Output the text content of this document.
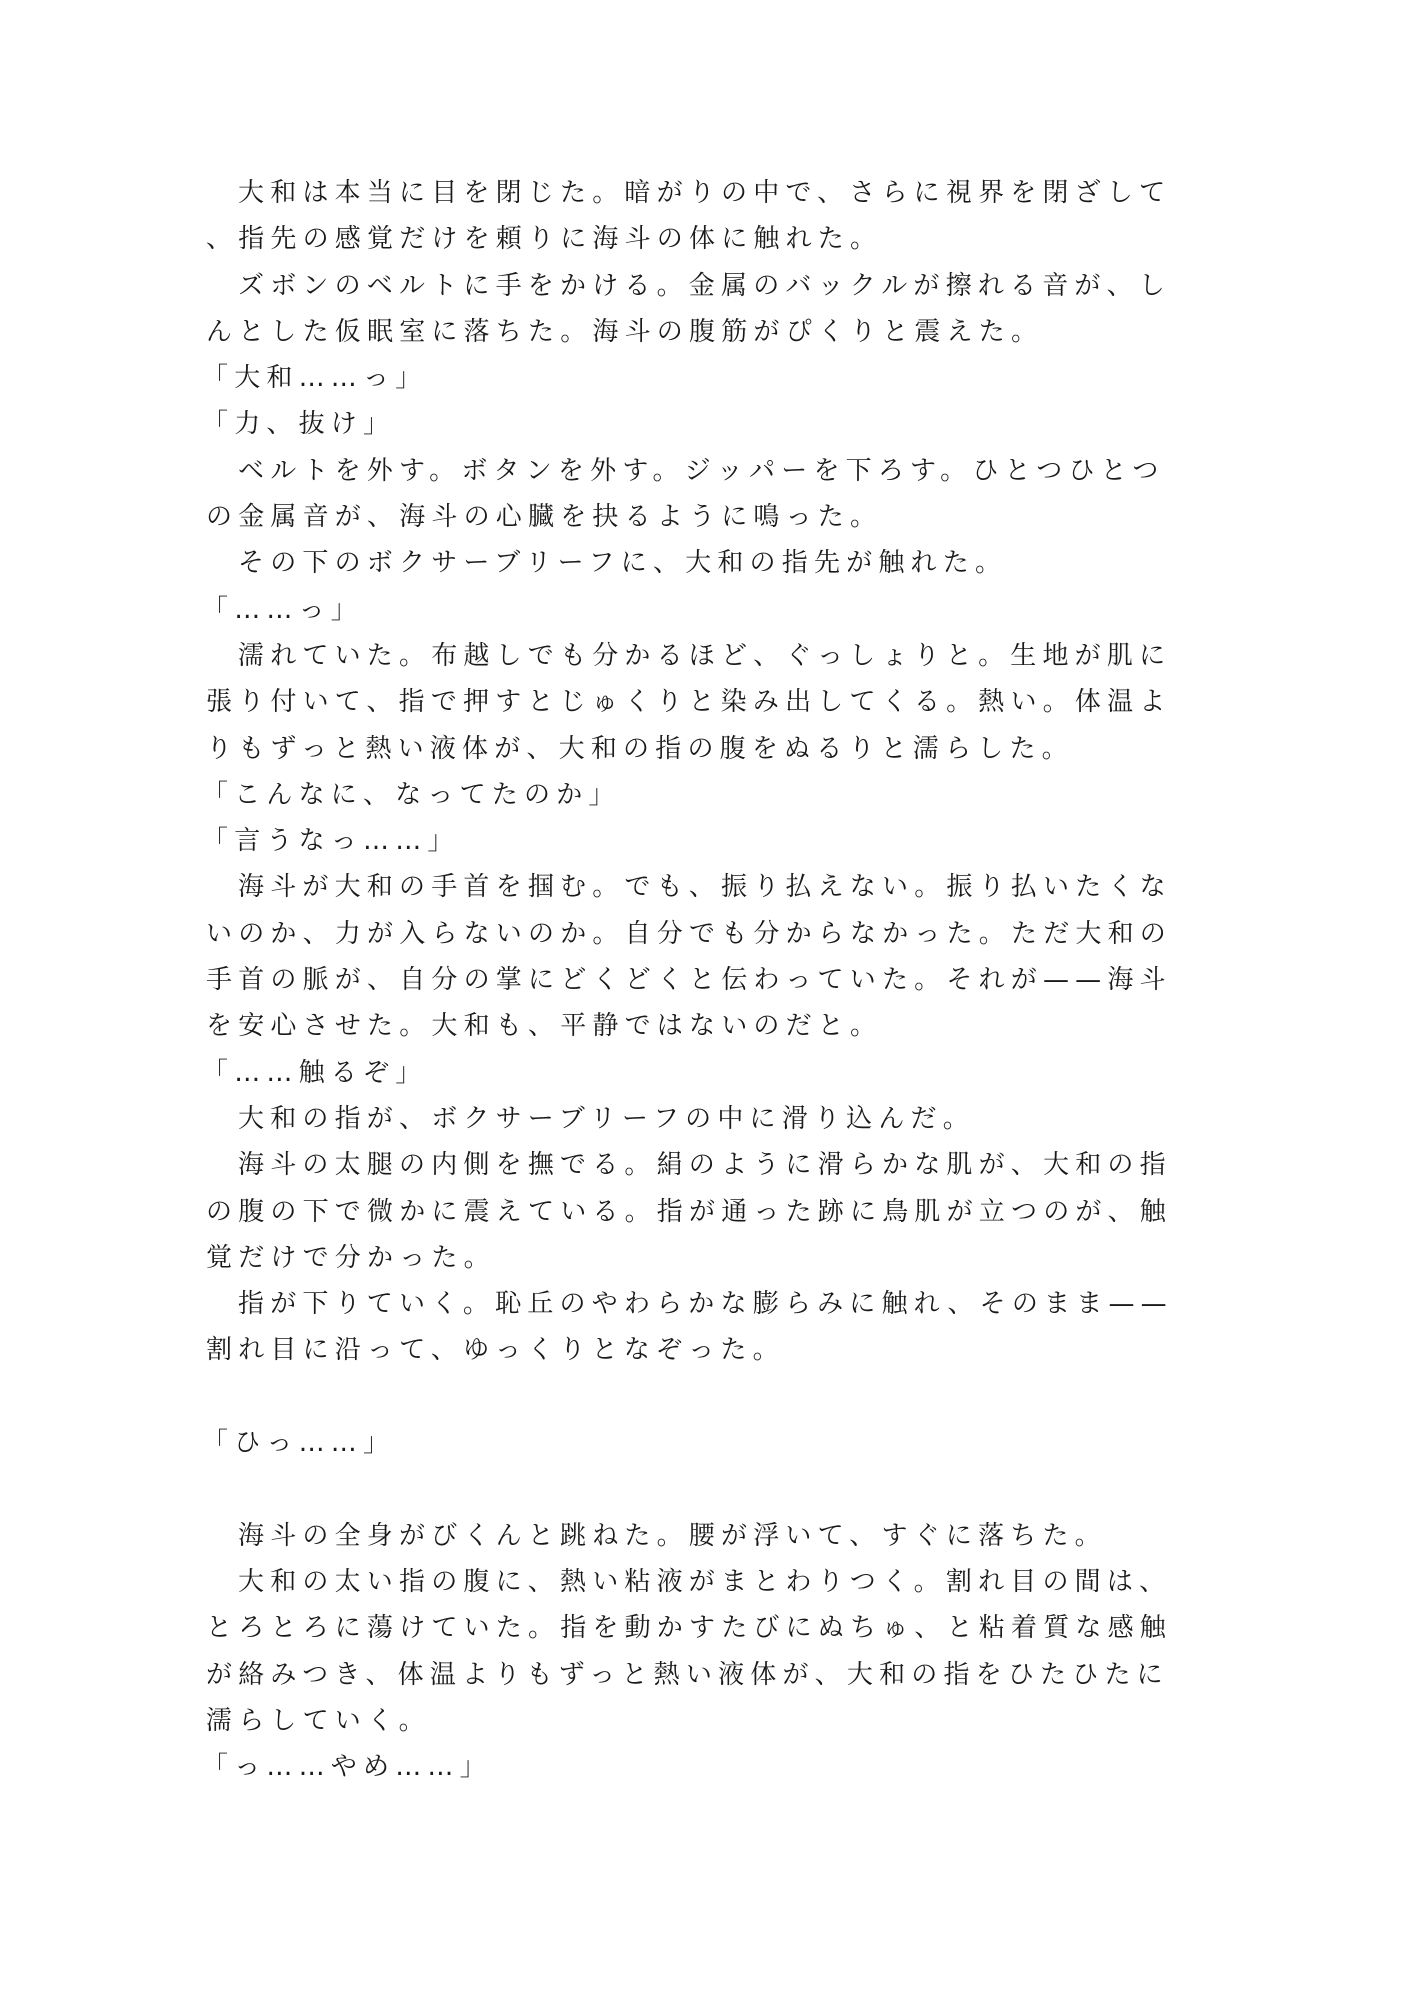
大和は本当に目を閉じた。暗がりの中で、さらに視界を閉ざして
、指先の感覚だけを頼りに海斗の体に触れた。
ズボンのベルトに手をかける。金属のバックルが擦れる音が、し
んとした仮眠室に落ちた。海斗の腹筋がぴくりと震えた。
「大和……っ」
「力、抜け」
ベルトを外す。ボタンを外す。ジッパーを下ろす。ひとつひとつ
の金属音が、海斗の心臓を抉るように鳴った。
その下のボクサーブリーフに、大和の指先が触れた。
「……っ」
濡れていた。布越しでも分かるほど、ぐっしょりと。生地が肌に
張り付いて、指で押すとじゅくりと染み出してくる。熱い。体温よ
りもずっと熱い液体が、大和の指の腹をぬるりと濡らした。
「こんなに、なってたのか」
「言うなっ……」
海斗が大和の手首を掴む。でも、振り払えない。振り払いたくな
いのか、力が入らないのか。自分でも分からなかった。ただ大和の
手首の脈が、自分の掌にどくどくと伝わっていた。それが——海斗
を安心させた。大和も、平静ではないのだと。
「……触るぞ」
大和の指が、ボクサーブリーフの中に滑り込んだ。
海斗の太腿の内側を撫でる。絹のように滑らかな肌が、大和の指
の腹の下で微かに震えている。指が通った跡に鳥肌が立つのが、触
覚だけで分かった。
指が下りていく。恥丘のやわらかな膨らみに触れ、そのまま——
割れ目に沿って、ゆっくりとなぞった。
「ひっ……」
海斗の全身がびくんと跳ねた。腰が浮いて、すぐに落ちた。
大和の太い指の腹に、熱い粘液がまとわりつく。割れ目の間は、
とろとろに蕩けていた。指を動かすたびにぬちゅ、と粘着質な感触
が絡みつき、体温よりもずっと熱い液体が、大和の指をひたひたに
濡らしていく。
「っ……やめ……」
